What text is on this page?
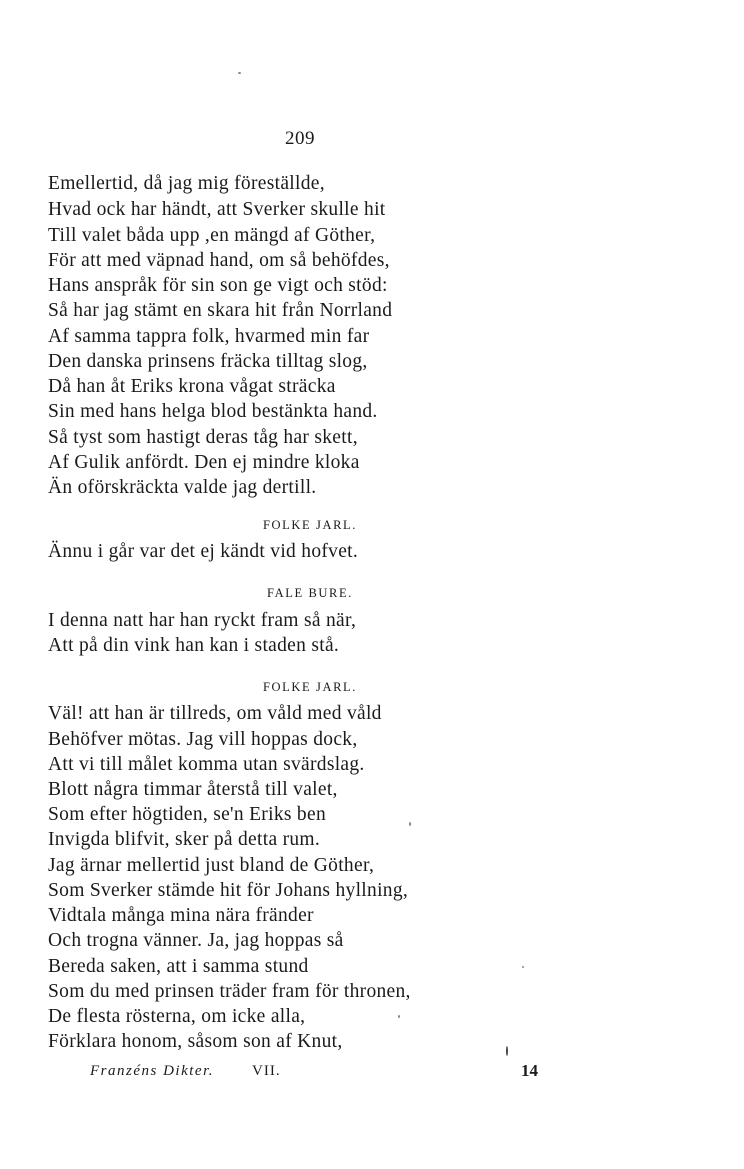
209
Emellertid, då jag mig föreställde,
Hvad ock har händt, att Sverker skulle hit
Till valet båda upp ,en mängd af Göther,
För att med väpnad hand, om så behöfdes,
Hans anspråk för sin son ge vigt och stöd:
Så har jag stämt en skara hit från Norrland
Af samma tappra folk, hvarmed min far
Den danska prinsens fräcka tilltag slog,
Då han åt Eriks krona vågat sträcka
Sin med hans helga blod bestänkta hand.
Så tyst som hastigt deras tåg har skett,
Af Gulik anfördt. Den ej mindre kloka
Än oförskräckta valde jag dertill.
FOLKE JARL.
Ännu i går var det ej kändt vid hofvet.
FALE BURE.
I denna natt har han ryckt fram så när,
Att på din vink han kan i staden stå.
FOLKE JARL.
Väl! att han är tillreds, om våld med våld
Behöfver mötas. Jag vill hoppas dock,
Att vi till målet komma utan svärdslag.
Blott några timmar återstå till valet,
Som efter högtiden, se'n Eriks ben
Invigda blifvit, sker på detta rum.
Jag ärnar mellertid just bland de Göther,
Som Sverker stämde hit för Johans hyllning,
Vidtala många mina nära fränder
Och trogna vänner. Ja, jag hoppas så
Bereda saken, att i samma stund
Som du med prinsen träder fram för thronen,
De flesta rösterna, om icke alla,
Förklara honom, såsom son af Knut,
Franzéns Dikter.	VII.	14
